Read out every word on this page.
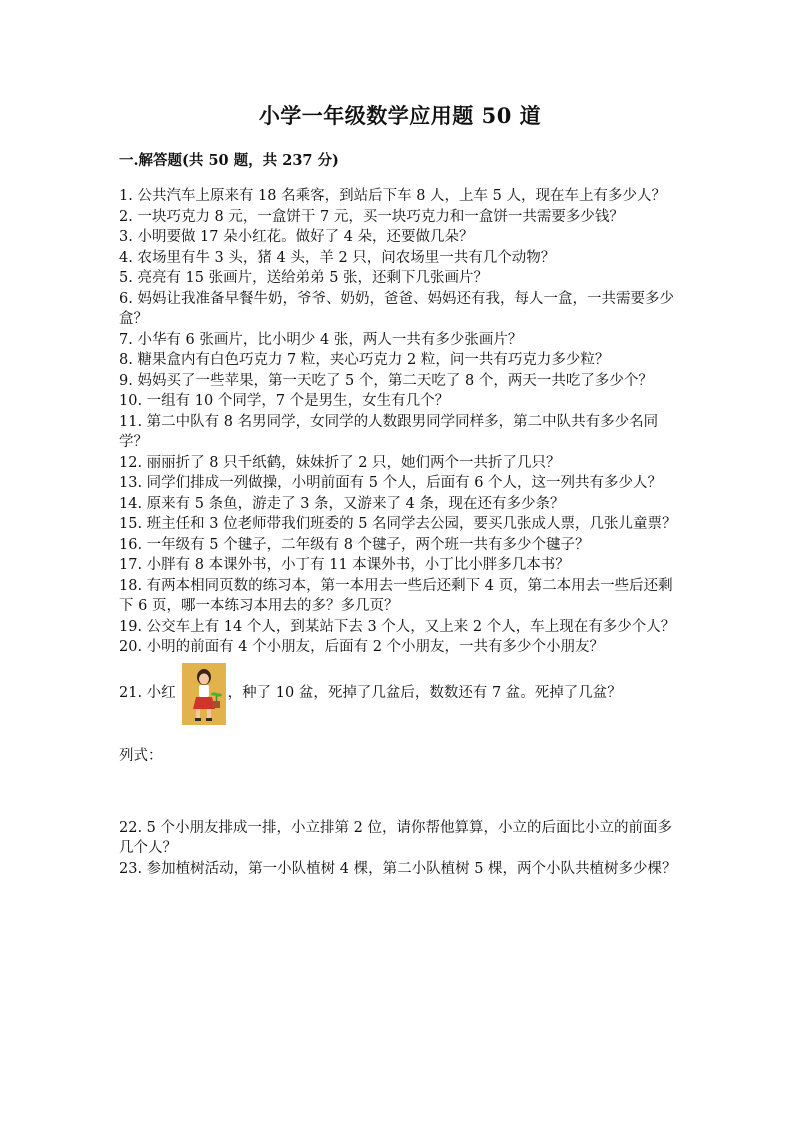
小学一年级数学应用题 50 道
一.解答题(共 50 题，共 237 分)

1. 公共汽车上原来有 18 名乘客，到站后下车 8 人，上车 5 人，现在车上有多少人？

2. 一块巧克力 8 元，一盒饼干 7 元，买一块巧克力和一盒饼一共需要多少钱？

3. 小明要做 17 朵小红花。做好了 4 朵，还要做几朵？

4. 农场里有牛 3 头，猪 4 头，羊 2 只，问农场里一共有几个动物？

5. 亮亮有 15 张画片，送给弟弟 5 张，还剩下几张画片？

6. 妈妈让我准备早餐牛奶，爷爷、奶奶，爸爸、妈妈还有我，每人一盒，一共需要多少盒？

7. 小华有 6 张画片，比小明少 4 张，两人一共有多少张画片？

8. 糖果盒内有白色巧克力 7 粒，夹心巧克力 2 粒，问一共有巧克力多少粒？

9. 妈妈买了一些苹果，第一天吃了 5 个，第二天吃了 8 个，两天一共吃了多少个？

10. 一组有 10 个同学，7 个是男生，女生有几个？

11. 第二中队有 8 名男同学，女同学的人数跟男同学同样多，第二中队共有多少名同学？

12. 丽丽折了 8 只千纸鹤，妹妹折了 2 只，她们两个一共折了几只？

13. 同学们排成一列做操，小明前面有 5 个人，后面有 6 个人，这一列共有多少人？

14. 原来有 5 条鱼，游走了 3 条，又游来了 4 条，现在还有多少条？

15. 班主任和 3 位老师带我们班委的 5 名同学去公园，要买几张成人票，几张儿童票？

16. 一年级有 5 个毽子，二年级有 8 个毽子，两个班一共有多少个毽子？

17. 小胖有 8 本课外书，小丁有 11 本课外书，小丁比小胖多几本书？

18. 有两本相同页数的练习本，第一本用去一些后还剩下 4 页，第二本用去一些后还剩下 6 页，哪一本练习本用去的多？多几页？

19. 公交车上有 14 个人，到某站下去 3 个人，又上来 2 个人，车上现在有多少个人？

20. 小明的前面有 4 个小朋友，后面有 2 个小朋友，一共有多少个小朋友？

21. 小红	，种了 10 盆，死掉了几盆后，数数还有 7 盆。死掉了几盆？
列式：

22. 5 个小朋友排成一排，小立排第 2 位，请你帮他算算，小立的后面比小立的前面多几个人？

23. 参加植树活动，第一小队植树 4 棵，第二小队植树 5 棵，两个小队共植树多少棵？
